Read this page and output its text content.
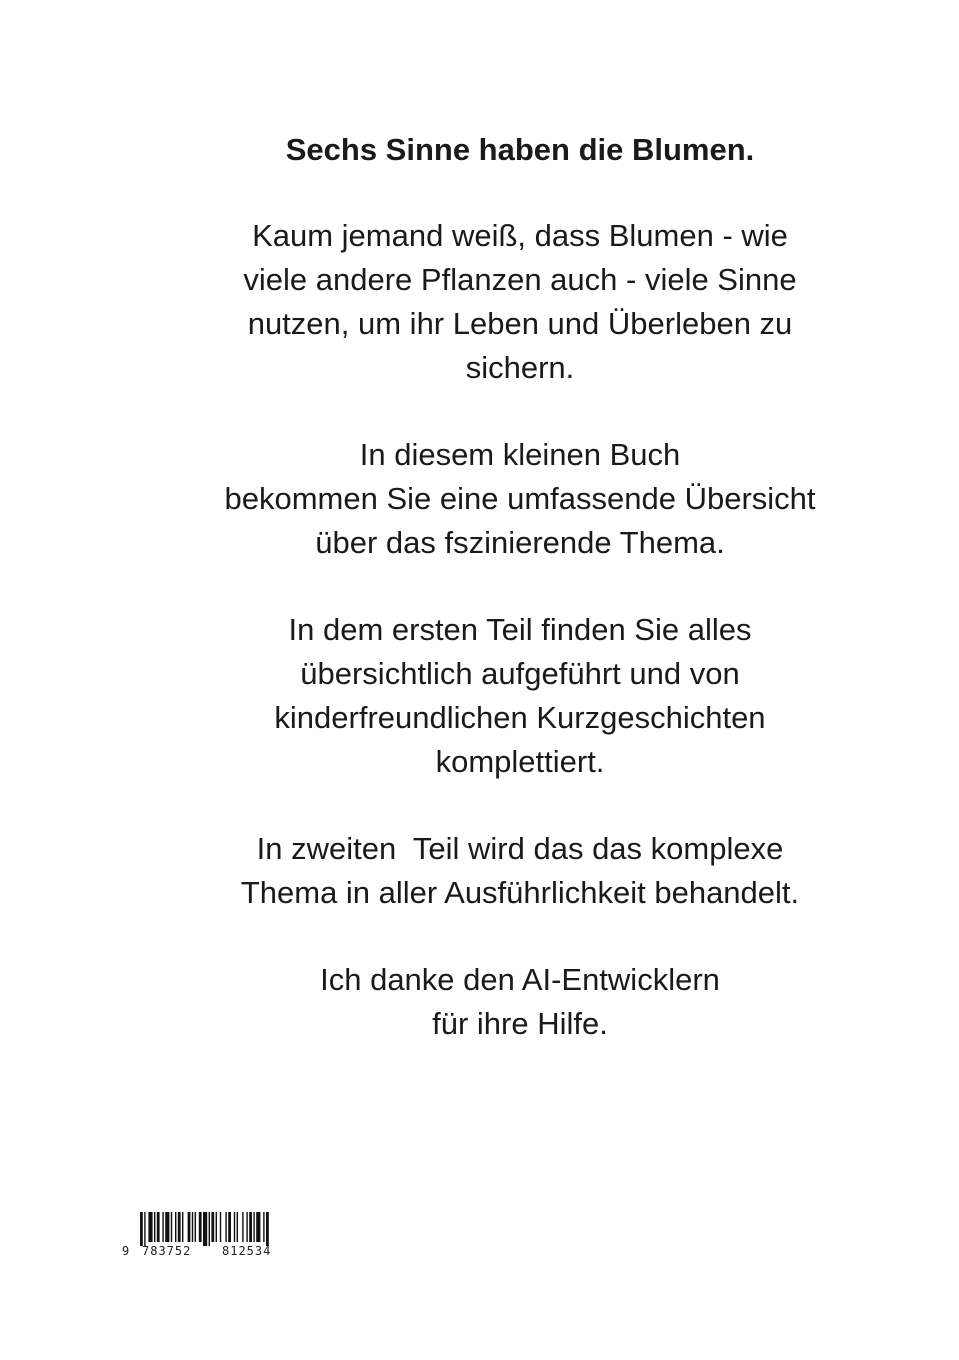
Sechs Sinne haben die Blumen.
Kaum jemand weiß, dass Blumen - wie
viele andere Pflanzen auch - viele Sinne
nutzen, um ihr Leben und Überleben zu
sichern.
In diesem kleinen Buch
bekommen Sie eine umfassende Übersicht
über das fszinierende Thema.
In dem ersten Teil finden Sie alles
übersichtlich aufgeführt und von
kinderfreundlichen Kurzgeschichten
komplettiert.
In zweiten  Teil wird das das komplexe
Thema in aller Ausführlichkeit behandelt.
Ich danke den AI-Entwicklern
für ihre Hilfe.
9 783752	812534
